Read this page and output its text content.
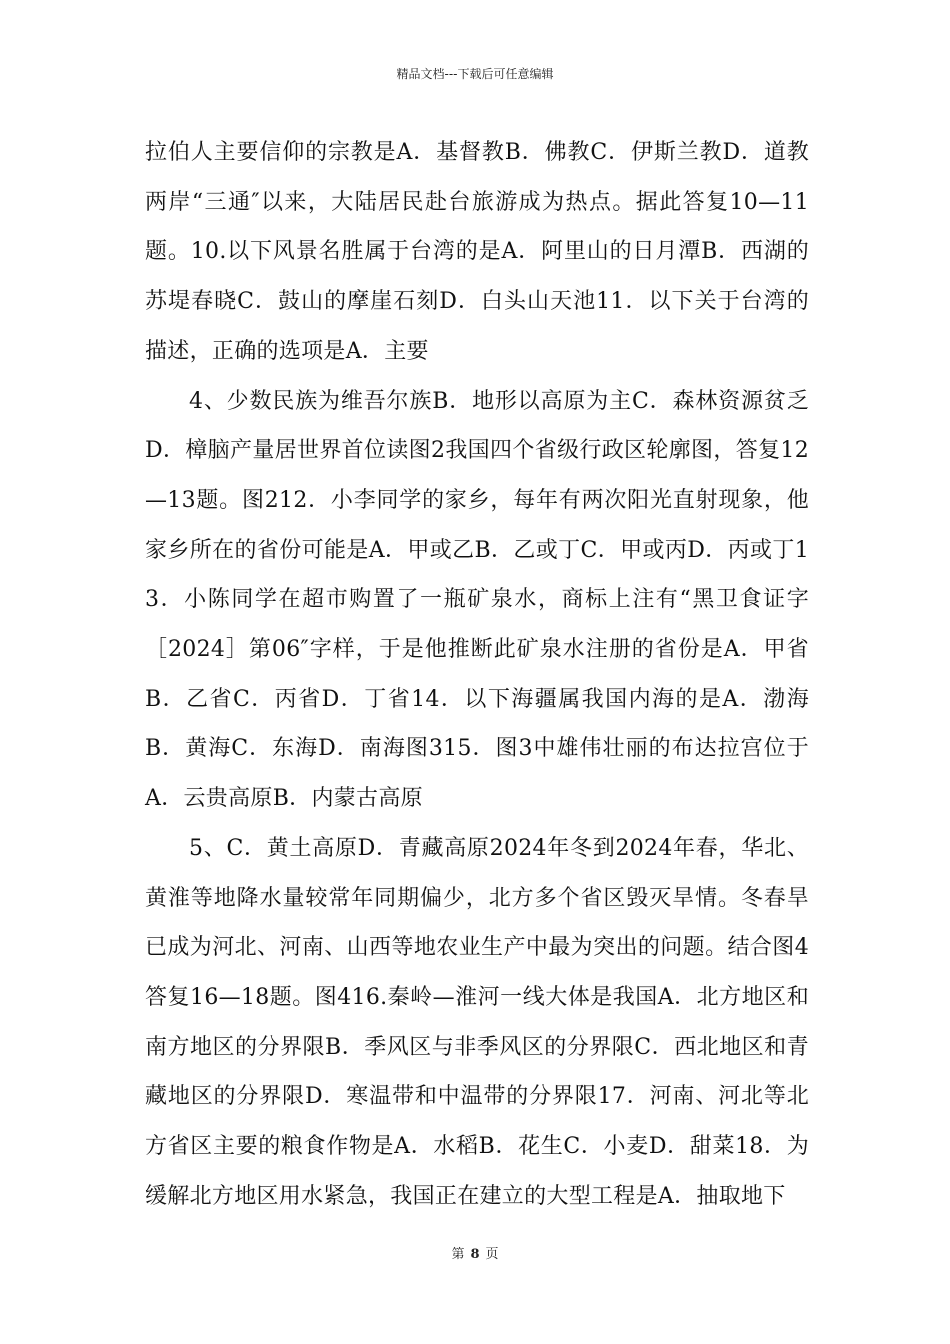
精品文档---下载后可任意编辑

拉伯人主要信仰的宗教是A．基督教B．佛教C．伊斯兰教D．道教两岸“三通″以来，大陆居民赴台旅游成为热点。据此答复10—11题。10.以下风景名胜属于台湾的是A．阿里山的日月潭B．西湖的苏堤春晓C．鼓山的摩崖石刻D．白头山天池11．以下关于台湾的描述，正确的选项是A．主要

4、少数民族为维吾尔族B．地形以高原为主C．森林资源贫乏D．樟脑产量居世界首位读图2我国四个省级行政区轮廓图，答复12—13题。图212．小李同学的家乡，每年有两次阳光直射现象，他家乡所在的省份可能是A．甲或乙B．乙或丁C．甲或丙D．丙或丁13．小陈同学在超市购置了一瓶矿泉水，商标上注有“黑卫食证字［2024］第06″字样，于是他推断此矿泉水注册的省份是A．甲省B．乙省C．丙省D．丁省14．以下海疆属我国内海的是A．渤海B．黄海C．东海D．南海图315．图3中雄伟壮丽的布达拉宫位于A．云贵高原B．内蒙古高原

5、C．黄土高原D．青藏高原2024年冬到2024年春，华北、黄淮等地降水量较常年同期偏少，北方多个省区毁灭旱情。冬春旱已成为河北、河南、山西等地农业生产中最为突出的问题。结合图4答复16—18题。图416.秦岭—淮河一线大体是我国A．北方地区和南方地区的分界限B．季风区与非季风区的分界限C．西北地区和青藏地区的分界限D．寒温带和中温带的分界限17．河南、河北等北方省区主要的粮食作物是A．水稻B．花生C．小麦D．甜菜18．为缓解北方地区用水紧急，我国正在建立的大型工程是A．抽取地下

第 8 页
